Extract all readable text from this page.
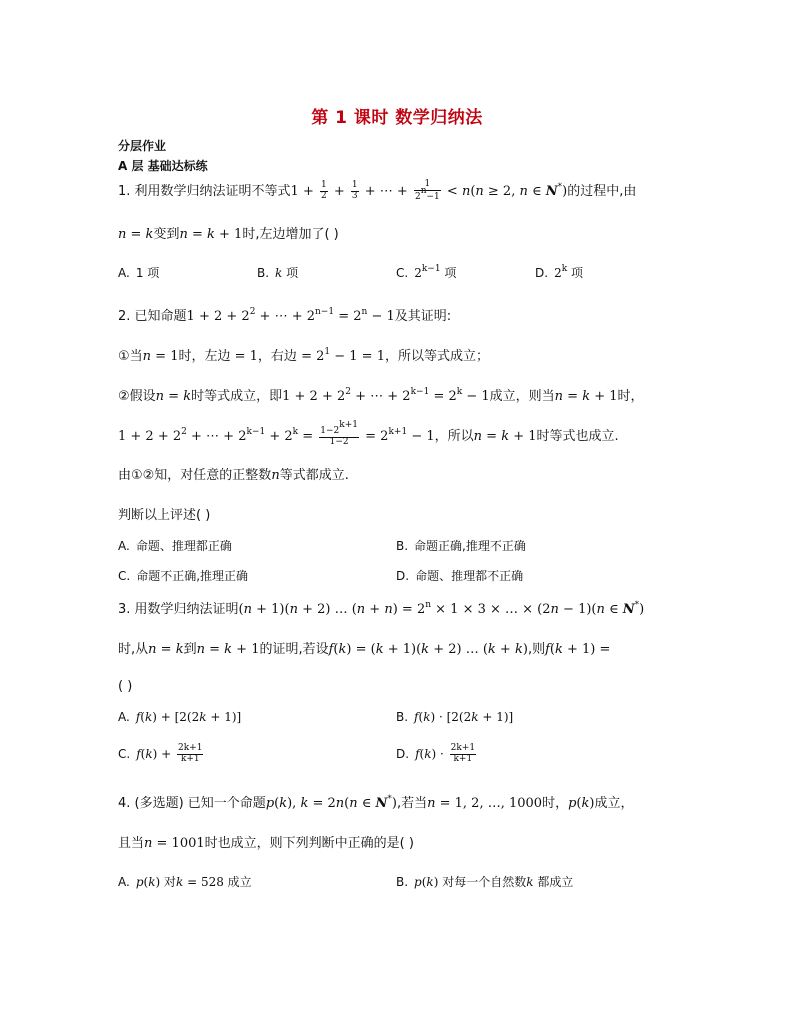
第 1 课时 数学归纳法
分层作业
A 层 基础达标练
1. 利用数学归纳法证明不等式$1 + \frac{1}{2} + \frac{1}{3}$ + ⋯ + $\frac{1}{2^n-1} < n(n \ge 2$, n ∈ N*)的过程中,由
n = k变到n = k + 1时,左边增加了( )
A. 1 项	B. k 项	C. $2^{k-1}$ 项	D. 2$^k$ 项
2. 已知命题$1 + 2 + 2^2$ + ⋯ + $2^{n-1} = 2^n - 1$及其证明:
①当n = 1时，左边 = 1，右边 = $2^1 - 1 = 1$，所以等式成立；
②假设n = k时等式成立，即$1 + 2 + 2^2$ + ⋯ + $2^{k-1} = 2^k - 1$成立，则当n = k + 1时，
$1 + 2 + 2^2$ + ⋯ + $2^{k-1} + 2^k = \frac{1-2^{k+1}}{1-2} = 2^{k+1} - 1$，所以n = k + 1时等式也成立.
由①②知，对任意的正整数n等式都成立.
判断以上评述( )
A. 命题、推理都正确	B. 命题正确,推理不正确
C. 命题不正确,推理正确	D. 命题、推理都不正确
3. 用数学归纳法证明(n + 1)(n + 2) … $(n + n) = 2^n \times 1 \times 3$ × … × (2n − 1)(n ∈ N*)
时,从n = k到n = k + 1的证明,若设f(k) = (k + 1)(k + 2) … (k + k),则f(k + 1) =
( )
A. f(k) + [2(2k + 1)]	B. f(k) · [2(2k + 1)]
C. $f(k) + \frac{2k+1}{k+1}$	D. $f(k) \cdot \frac{2k+1}{k+1}$
4. (多选题) 已知一个命题p(k), k = 2n(n ∈ N*),若当n = 1, 2, …, 1000时，p(k)成立，
且当n = 1001时也成立，则下列判断中正确的是( )
A. p(k) 对k = 528 成立	B. p(k) 对每一个自然数k 都成立
